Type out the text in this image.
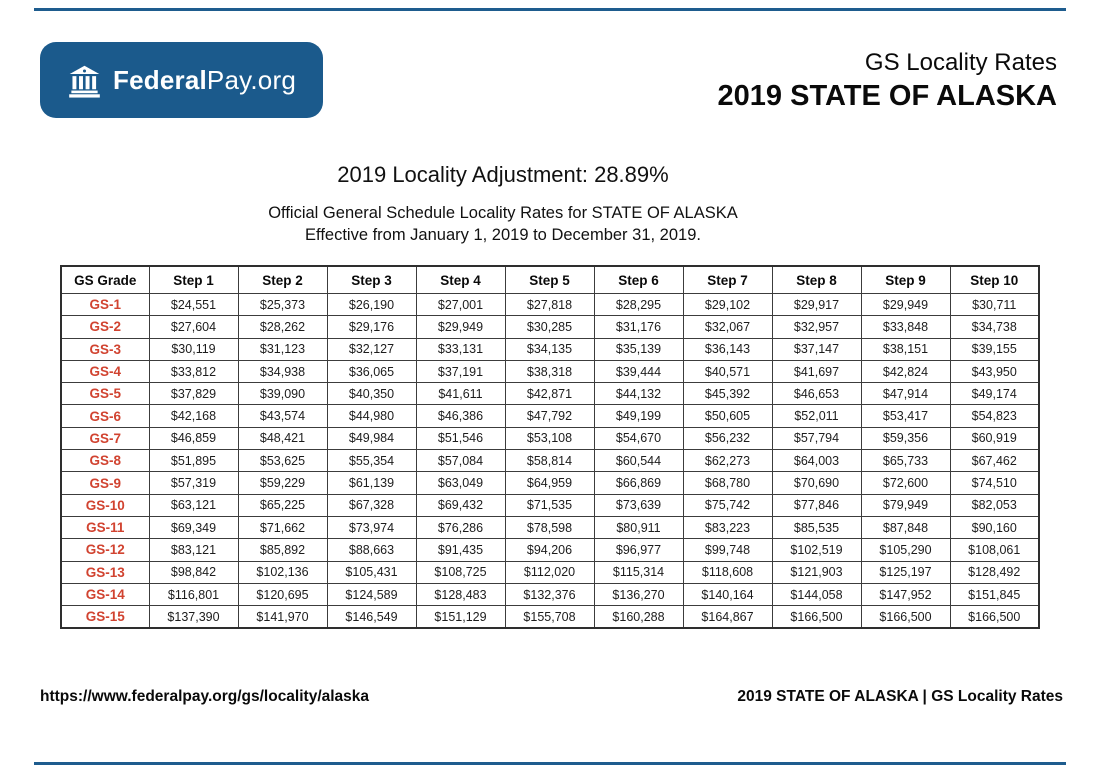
FederalPay.org
GS Locality Rates
2019 STATE OF ALASKA
2019 Locality Adjustment: 28.89%
Official General Schedule Locality Rates for STATE OF ALASKA
Effective from January 1, 2019 to December 31, 2019.
GS Grade	Step 1	Step 2	Step 3	Step 4	Step 5	Step 6	Step 7	Step 8	Step 9	Step 10
GS-1	$24,551	$25,373	$26,190	$27,001	$27,818	$28,295	$29,102	$29,917	$29,949	$30,711
GS-2	$27,604	$28,262	$29,176	$29,949	$30,285	$31,176	$32,067	$32,957	$33,848	$34,738
GS-3	$30,119	$31,123	$32,127	$33,131	$34,135	$35,139	$36,143	$37,147	$38,151	$39,155
GS-4	$33,812	$34,938	$36,065	$37,191	$38,318	$39,444	$40,571	$41,697	$42,824	$43,950
GS-5	$37,829	$39,090	$40,350	$41,611	$42,871	$44,132	$45,392	$46,653	$47,914	$49,174
GS-6	$42,168	$43,574	$44,980	$46,386	$47,792	$49,199	$50,605	$52,011	$53,417	$54,823
GS-7	$46,859	$48,421	$49,984	$51,546	$53,108	$54,670	$56,232	$57,794	$59,356	$60,919
GS-8	$51,895	$53,625	$55,354	$57,084	$58,814	$60,544	$62,273	$64,003	$65,733	$67,462
GS-9	$57,319	$59,229	$61,139	$63,049	$64,959	$66,869	$68,780	$70,690	$72,600	$74,510
GS-10	$63,121	$65,225	$67,328	$69,432	$71,535	$73,639	$75,742	$77,846	$79,949	$82,053
GS-11	$69,349	$71,662	$73,974	$76,286	$78,598	$80,911	$83,223	$85,535	$87,848	$90,160
GS-12	$83,121	$85,892	$88,663	$91,435	$94,206	$96,977	$99,748	$102,519	$105,290	$108,061
GS-13	$98,842	$102,136	$105,431	$108,725	$112,020	$115,314	$118,608	$121,903	$125,197	$128,492
GS-14	$116,801	$120,695	$124,589	$128,483	$132,376	$136,270	$140,164	$144,058	$147,952	$151,845
GS-15	$137,390	$141,970	$146,549	$151,129	$155,708	$160,288	$164,867	$166,500	$166,500	$166,500
https://www.federalpay.org/gs/locality/alaska	2019 STATE OF ALASKA | GS Locality Rates
